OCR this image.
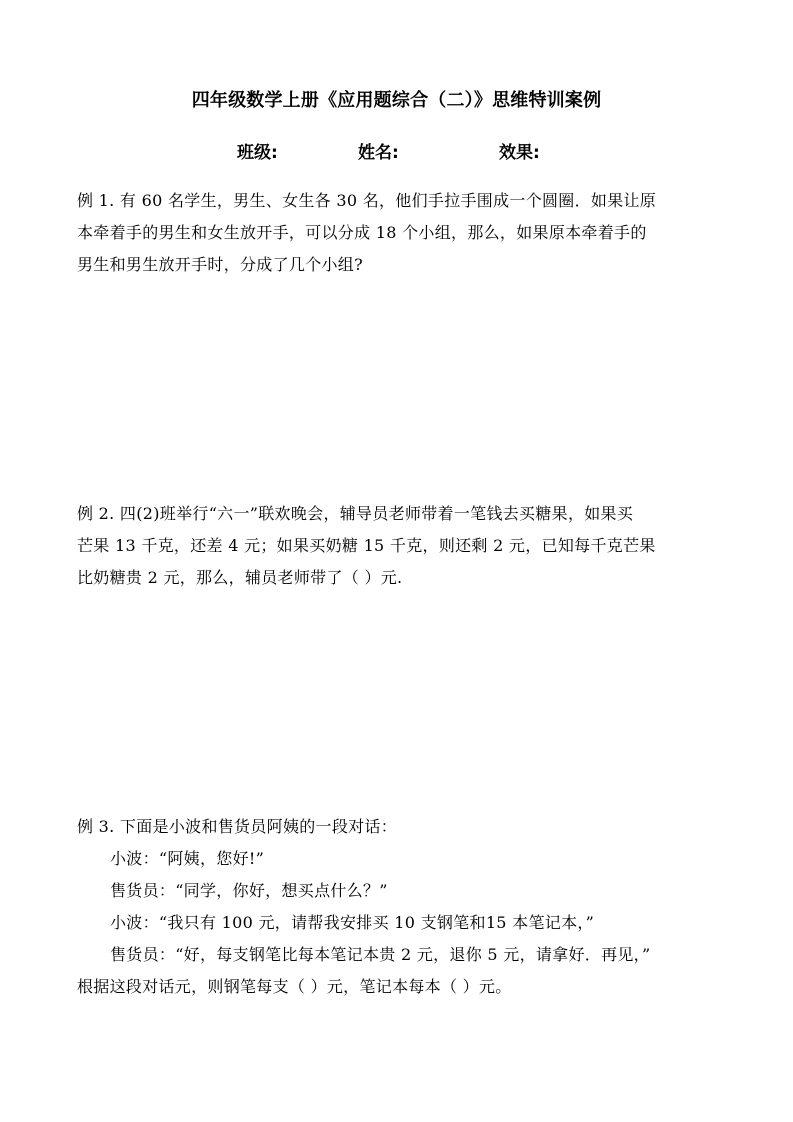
四年级数学上册《应用题综合（二）》思维特训案例
班级:	姓名:	效果:
例 1. 有 60 名学生，男生、女生各 30 名，他们手拉手围成一个圆圈．如果让原
本牵着手的男生和女生放开手，可以分成 18 个小组，那么，如果原本牵着手的
男生和男生放开手时，分成了几个小组?
例 2. 四(2)班举行“六一”联欢晚会，辅导员老师带着一笔钱去买糖果，如果买
芒果 13 千克，还差 4 元；如果买奶糖 15 千克，则还剩 2 元，已知每千克芒果
比奶糖贵 2 元，那么，辅员老师带了（ ）元.
例 3. 下面是小波和售货员阿姨的一段对话：
小波：“阿姨，您好!”
售货员：“同学，你好，想买点什么？”
小波：“我只有 100 元，请帮我安排买 10 支钢笔和15 本笔记本，”
售货员：“好，每支钢笔比每本笔记本贵 2 元，退你 5 元，请拿好．再见，”
根据这段对话元，则钢笔每支（ ）元，笔记本每本（ ）元。
